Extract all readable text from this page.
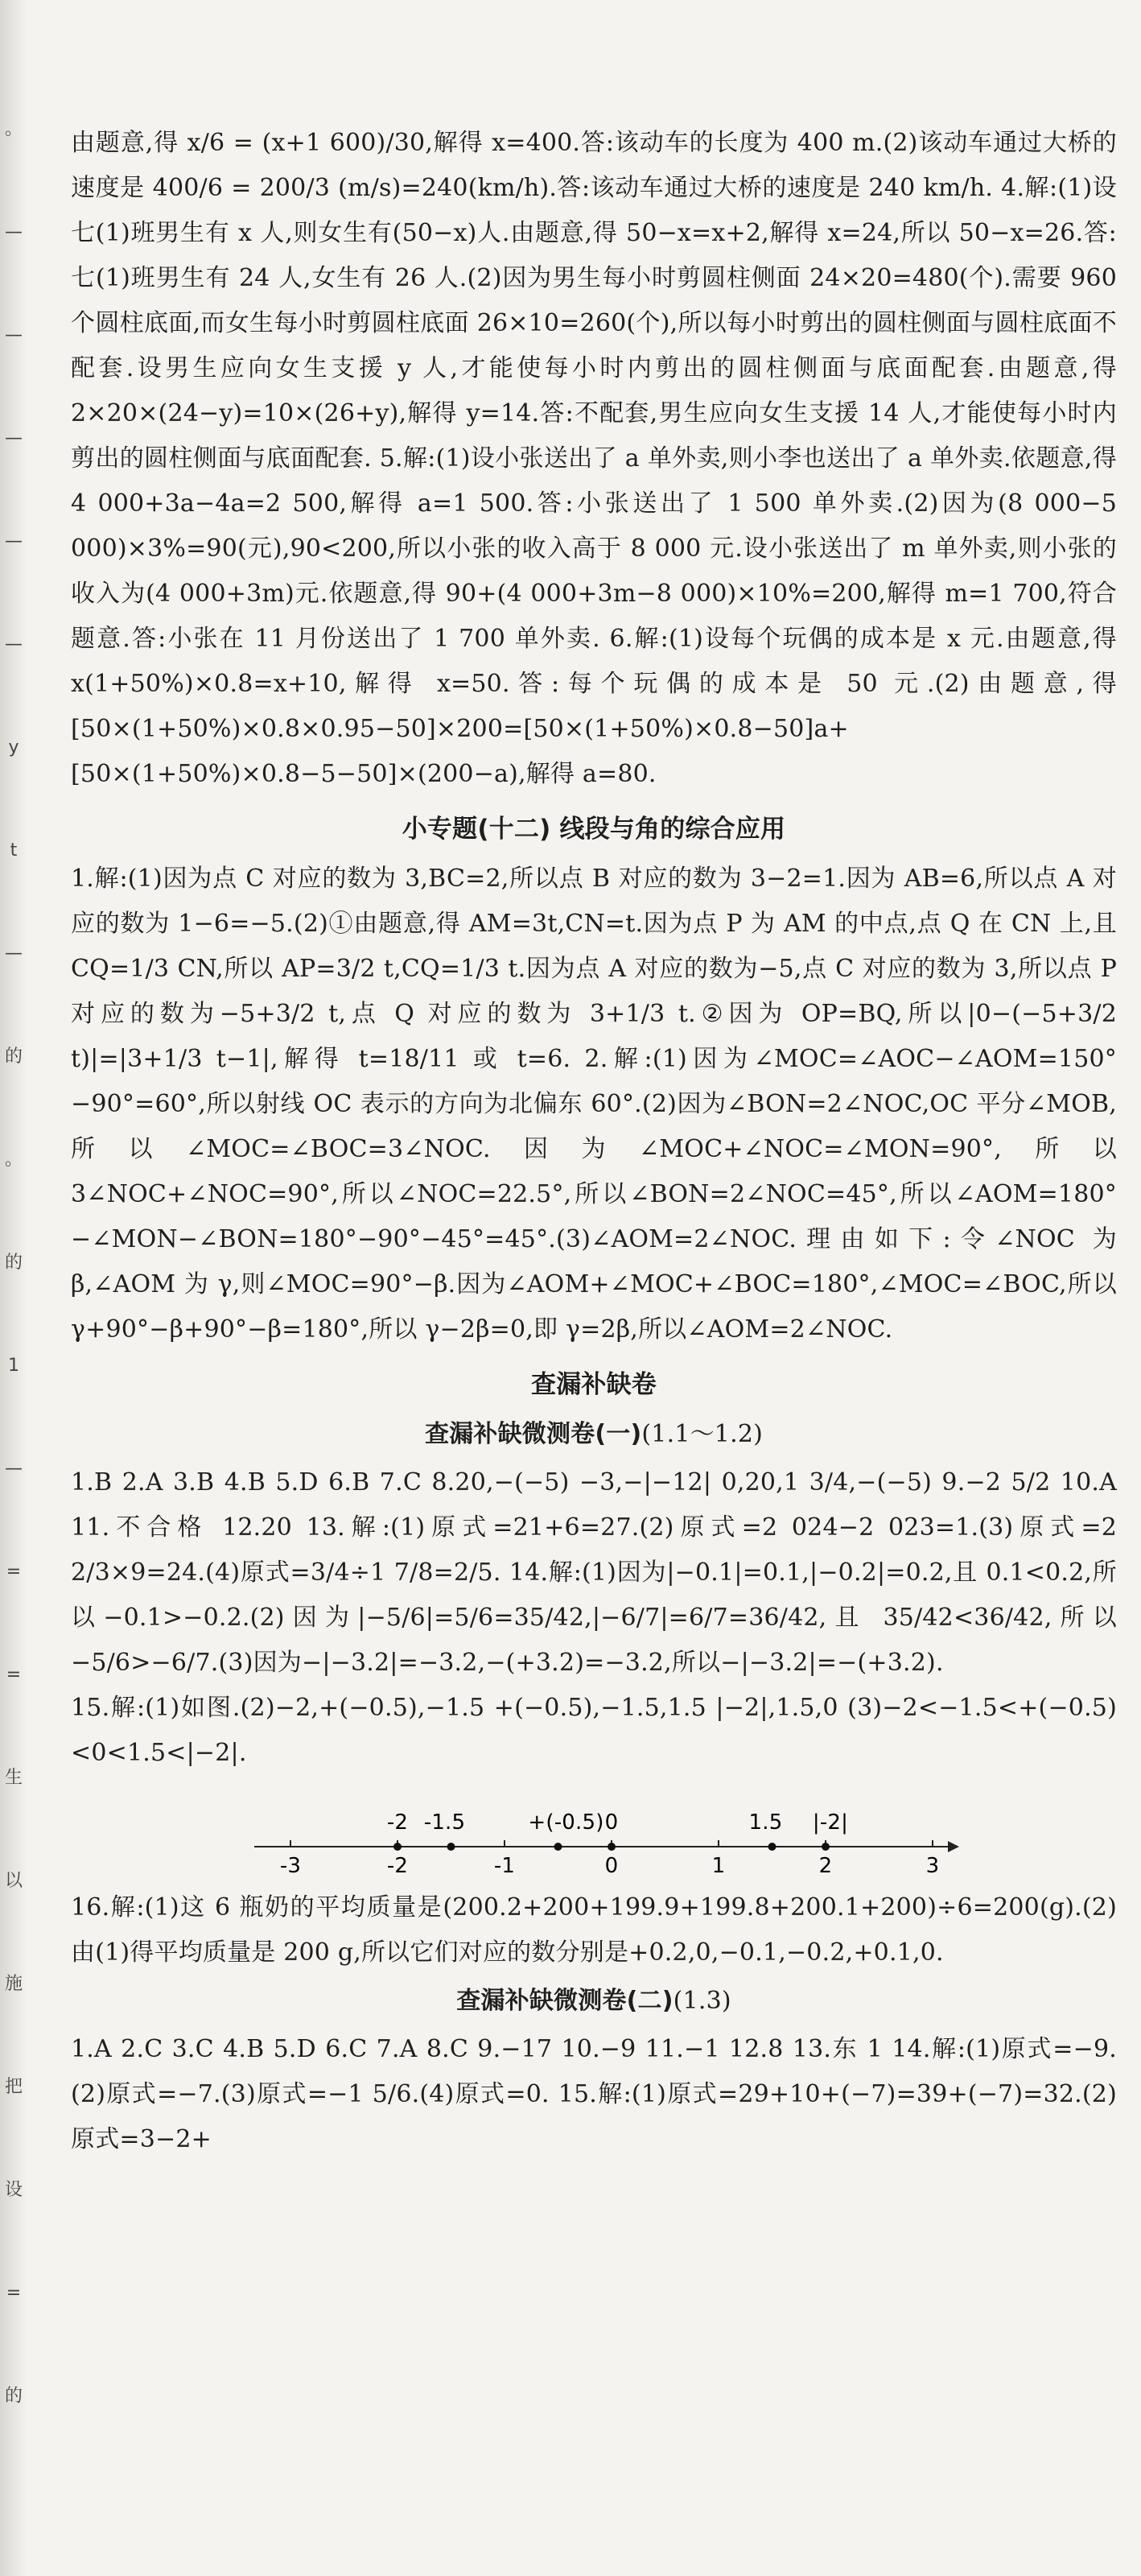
。
—
—
—
—
—
y
t
—
的
。
的
1
—
=
=
生
以
施
把
设
=
的

由题意,得 x/6 = (x+1 600)/30,解得 x=400.答:该动车的长度为 400 m.(2)该动车通过大桥的速度是 400/6 = 200/3 (m/s)=240(km/h).答:该动车通过大桥的速度是 240 km/h. 4.解:(1)设七(1)班男生有 x 人,则女生有(50−x)人.由题意,得 50−x=x+2,解得 x=24,所以 50−x=26.答:七(1)班男生有 24 人,女生有 26 人.(2)因为男生每小时剪圆柱侧面 24×20=480(个).需要 960 个圆柱底面,而女生每小时剪圆柱底面 26×10=260(个),所以每小时剪出的圆柱侧面与圆柱底面不配套.设男生应向女生支援 y 人,才能使每小时内剪出的圆柱侧面与底面配套.由题意,得 2×20×(24−y)=10×(26+y),解得 y=14.答:不配套,男生应向女生支援 14 人,才能使每小时内剪出的圆柱侧面与底面配套. 5.解:(1)设小张送出了 a 单外卖,则小李也送出了 a 单外卖.依题意,得 4 000+3a−4a=2 500,解得 a=1 500.答:小张送出了 1 500 单外卖.(2)因为(8 000−5 000)×3%=90(元),90<200,所以小张的收入高于 8 000 元.设小张送出了 m 单外卖,则小张的收入为(4 000+3m)元.依题意,得 90+(4 000+3m−8 000)×10%=200,解得 m=1 700,符合题意.答:小张在 11 月份送出了 1 700 单外卖. 6.解:(1)设每个玩偶的成本是 x 元.由题意,得 x(1+50%)×0.8=x+10,解得 x=50.答:每个玩偶的成本是 50 元.(2)由题意,得[50×(1+50%)×0.8×0.95−50]×200=[50×(1+50%)×0.8−50]a+[50×(1+50%)×0.8−5−50]×(200−a),解得 a=80.

小专题(十二) 线段与角的综合应用

1.解:(1)因为点 C 对应的数为 3,BC=2,所以点 B 对应的数为 3−2=1.因为 AB=6,所以点 A 对应的数为 1−6=−5.(2)①由题意,得 AM=3t,CN=t.因为点 P 为 AM 的中点,点 Q 在 CN 上,且 CQ=1/3 CN,所以 AP=3/2 t,CQ=1/3 t.因为点 A 对应的数为−5,点 C 对应的数为 3,所以点 P 对应的数为−5+3/2 t,点 Q 对应的数为 3+1/3 t.②因为 OP=BQ,所以|0−(−5+3/2 t)|=|3+1/3 t−1|,解得 t=18/11 或 t=6. 2.解:(1)因为∠MOC=∠AOC−∠AOM=150°−90°=60°,所以射线 OC 表示的方向为北偏东 60°.(2)因为∠BON=2∠NOC,OC 平分∠MOB,所以∠MOC=∠BOC=3∠NOC.因为∠MOC+∠NOC=∠MON=90°,所以 3∠NOC+∠NOC=90°,所以∠NOC=22.5°,所以∠BON=2∠NOC=45°,所以∠AOM=180°−∠MON−∠BON=180°−90°−45°=45°.(3)∠AOM=2∠NOC.理由如下:令∠NOC 为 β,∠AOM 为 γ,则∠MOC=90°−β.因为∠AOM+∠MOC+∠BOC=180°,∠MOC=∠BOC,所以 γ+90°−β+90°−β=180°,所以 γ−2β=0,即 γ=2β,所以∠AOM=2∠NOC.

查漏补缺卷
查漏补缺微测卷(一)(1.1～1.2)

1.B 2.A 3.B 4.B 5.D 6.B 7.C 8.20,−(−5) −3,−|−12| 0,20,1 3/4,−(−5) 9.−2 5/2 10.A 11.不合格 12.20 13.解:(1)原式=21+6=27.(2)原式=2 024−2 023=1.(3)原式=2 2/3×9=24.(4)原式=3/4÷1 7/8=2/5. 14.解:(1)因为|−0.1|=0.1,|−0.2|=0.2,且 0.1<0.2,所以−0.1>−0.2.(2)因为|−5/6|=5/6=35/42,|−6/7|=6/7=36/42,且 35/42<36/42,所以−5/6>−6/7.(3)因为−|−3.2|=−3.2,−(+3.2)=−3.2,所以−|−3.2|=−(+3.2).

15.解:(1)如图.(2)−2,+(−0.5),−1.5 +(−0.5),−1.5,1.5 |−2|,1.5,0 (3)−2<−1.5<+(−0.5)<0<1.5<|−2|.

-3	-2	-1	0	1	2	3
-2 -1.5	+(-0.5) 0	1.5 |-2|

16.解:(1)这 6 瓶奶的平均质量是(200.2+200+199.9+199.8+200.1+200)÷6=200(g).(2)由(1)得平均质量是 200 g,所以它们对应的数分别是+0.2,0,−0.1,−0.2,+0.1,0.

查漏补缺微测卷(二)(1.3)

1.A 2.C 3.C 4.B 5.D 6.C 7.A 8.C 9.−17 10.−9 11.−1 12.8 13.东 1 14.解:(1)原式=−9.(2)原式=−7.(3)原式=−1 5/6.(4)原式=0. 15.解:(1)原式=29+10+(−7)=39+(−7)=32.(2)原式=3−2+
